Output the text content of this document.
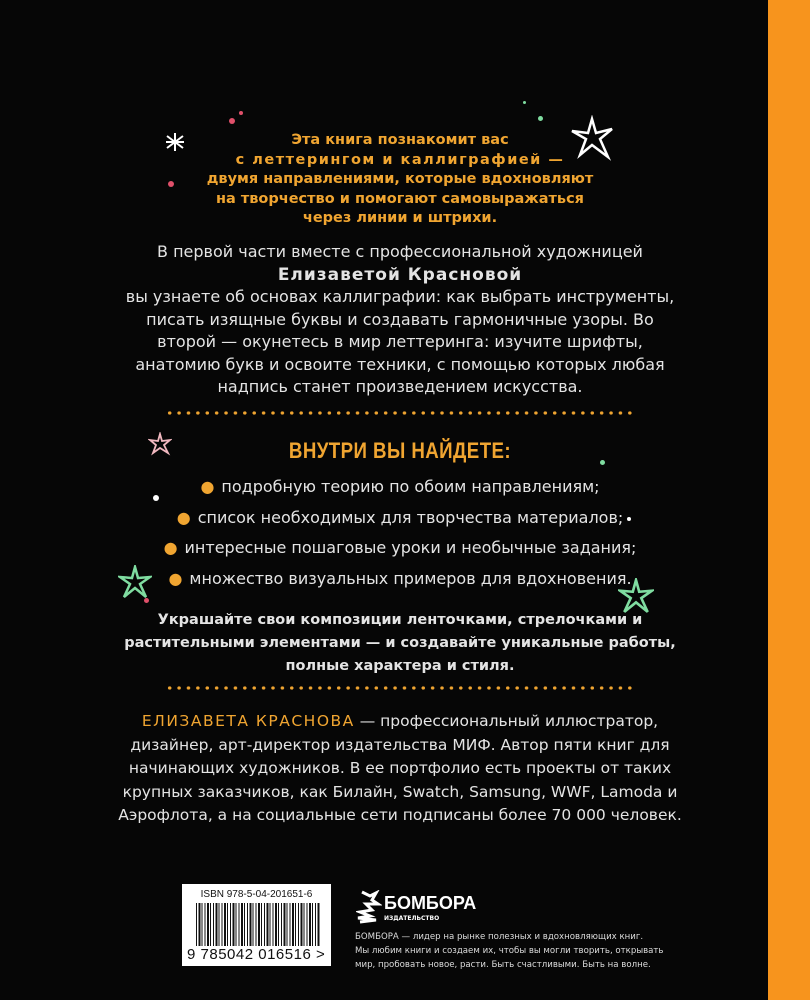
Эта книга познакомит вас
с леттерингом и каллиграфией —
двумя направлениями, которые вдохновляют
на творчество и помогают самовыражаться
через линии и штрихи.
В первой части вместе с профессиональной художницей
Елизаветой Красновой
вы узнаете об основах каллиграфии: как выбрать инструменты,
писать изящные буквы и создавать гармоничные узоры. Во
второй — окунетесь в мир леттеринга: изучите шрифты,
анатомию букв и освоите техники, с помощью которых любая
надпись станет произведением искусства.
ВНУТРИ ВЫ НАЙДЕТЕ:
● подробную теорию по обоим направлениям;
● список необходимых для творчества материалов;
● интересные пошаговые уроки и необычные задания;
● множество визуальных примеров для вдохновения.
Украшайте свои композиции ленточками, стрелочками и
растительными элементами — и создавайте уникальные работы,
полные характера и стиля.
ЕЛИЗАВЕТА КРАСНОВА — профессиональный иллюстратор,
дизайнер, арт-директор издательства МИФ. Автор пяти книг для
начинающих художников. В ее портфолио есть проекты от таких
крупных заказчиков, как Билайн, Swatch, Samsung, WWF, Lamoda и
Аэрофлота, а на социальные сети подписаны более 70 000 человек.
ISBN 978-5-04-201651-6
9 785042 016516 >
БОМБОРА
ИЗДАТЕЛЬСТВО
БОМБОРА — лидер на рынке полезных и вдохновляющих книг.
Мы любим книги и создаем их, чтобы вы могли творить, открывать
мир, пробовать новое, расти. Быть счастливыми. Быть на волне.
